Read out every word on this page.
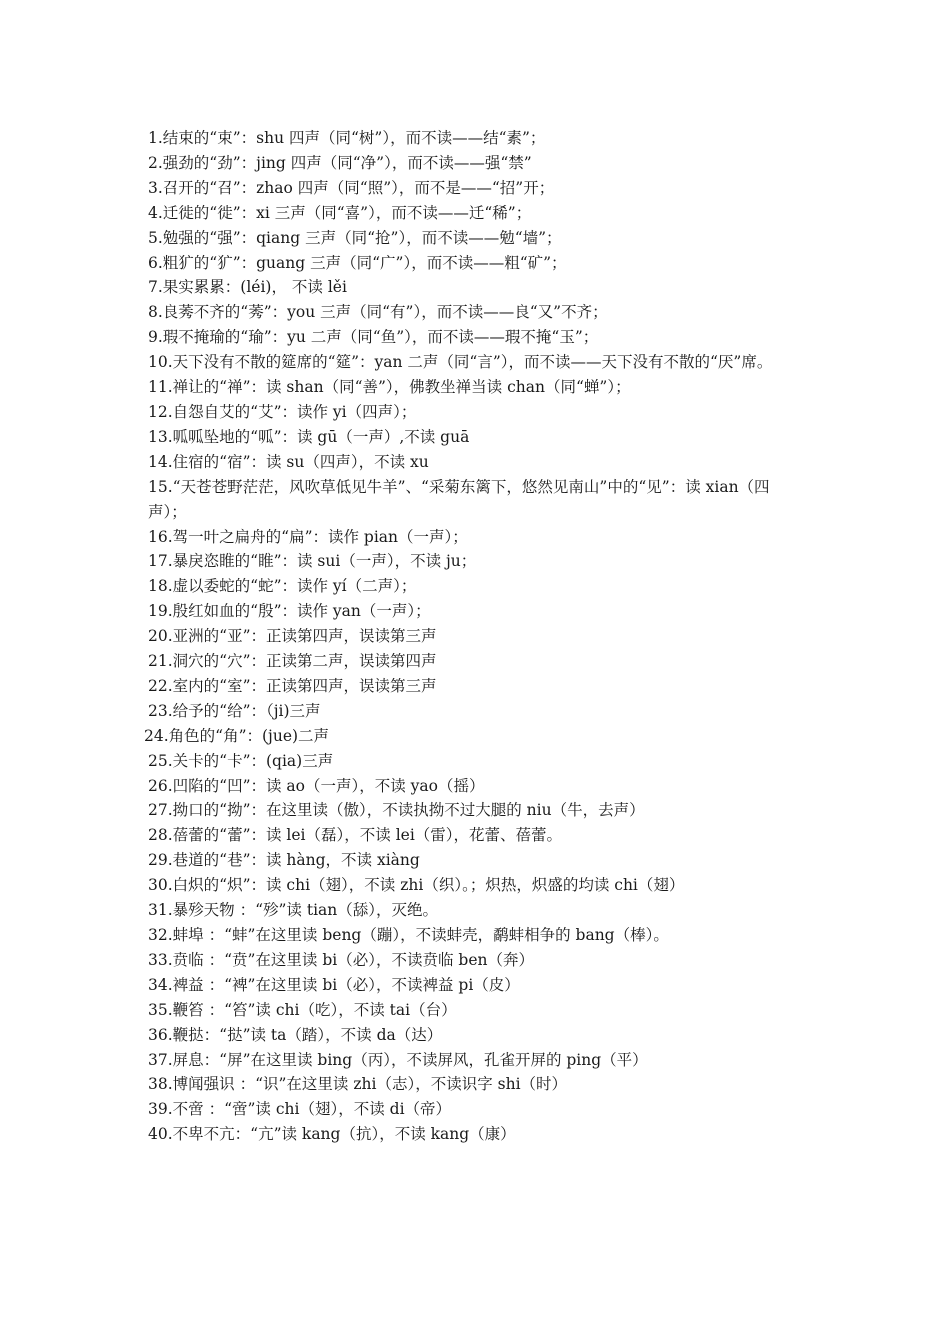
1.结束的“束”：shu 四声（同“树”），而不读——结“素”；
2.强劲的“劲”：jing 四声（同“净”），而不读——强“禁”
3.召开的“召”：zhao 四声（同“照”），而不是——“招”开；
4.迁徙的“徙”：xi 三声（同“喜”），而不读——迁“稀”；
5.勉强的“强”：qiang 三声（同“抢”），而不读——勉“墙”；
6.粗犷的“犷”：guang 三声（同“广”），而不读——粗“矿”；
7.果实累累：(léi)， 不读 lěi
8.良莠不齐的“莠”：you 三声（同“有”），而不读——良“又”不齐；
9.瑕不掩瑜的“瑜”：yu 二声（同“鱼”），而不读——瑕不掩“玉”；
10.天下没有不散的筵席的“筵”：yan 二声（同“言”），而不读——天下没有不散的“厌”席。
11.禅让的“禅”：读 shan（同“善”），佛教坐禅当读 chan（同“蝉”）；
12.自怨自艾的“艾”：读作 yi（四声）；
13.呱呱坠地的“呱”：读 gū（一声）,不读 guā
14.住宿的“宿”：读 su（四声），不读 xu
15.“天苍苍野茫茫，风吹草低见牛羊”、“采菊东篱下，悠然见南山”中的“见”：读 xian（四声）；
16.驾一叶之扁舟的“扁”：读作 pian（一声）；
17.暴戾恣睢的“睢”：读 sui（一声），不读 ju；
18.虚以委蛇的“蛇”：读作 yí（二声）；
19.殷红如血的“殷”：读作 yan（一声）；
20.亚洲的“亚”：正读第四声，误读第三声
21.洞穴的“穴”：正读第二声，误读第四声
22.室内的“室”：正读第四声，误读第三声
23.给予的“给”：（ji)三声
24.角色的“角”：(jue)二声
25.关卡的“卡”：(qia)三声
26.凹陷的“凹”：读 ao（一声），不读 yao（摇）
27.拗口的“拗”：在这里读（傲），不读执拗不过大腿的 niu（牛，去声）
28.蓓蕾的“蕾”：读 lei（磊），不读 lei（雷），花蕾、蓓蕾。
29.巷道的“巷”：读 hàng，不读 xiàng
30.白炽的“炽”：读 chi（翅），不读 zhi（织）。；炽热，炽盛的均读 chi（翅）
31.暴殄天物 ：“殄”读 tian（舔），灭绝。
32.蚌埠 ：“蚌”在这里读 beng（蹦），不读蚌壳，鹬蚌相争的 bang（棒）。
33.贲临 ：“贲”在这里读 bi（必），不读贲临 ben（奔）
34.裨益 ：“裨”在这里读 bi（必），不读裨益 pi（皮）
35.鞭笞 ：“笞”读 chi（吃），不读 tai（台）
36.鞭挞：“挞”读 ta（踏），不读 da（达）
37.屏息：“屏”在这里读 bing（丙），不读屏风，孔雀开屏的 ping（平）
38.博闻强识 ：“识”在这里读 zhi（志），不读识字 shi（时）
39.不啻 ：“啻”读 chi（翅），不读 di（帝）
40.不卑不亢：“亢”读 kang（抗），不读 kang（康）
